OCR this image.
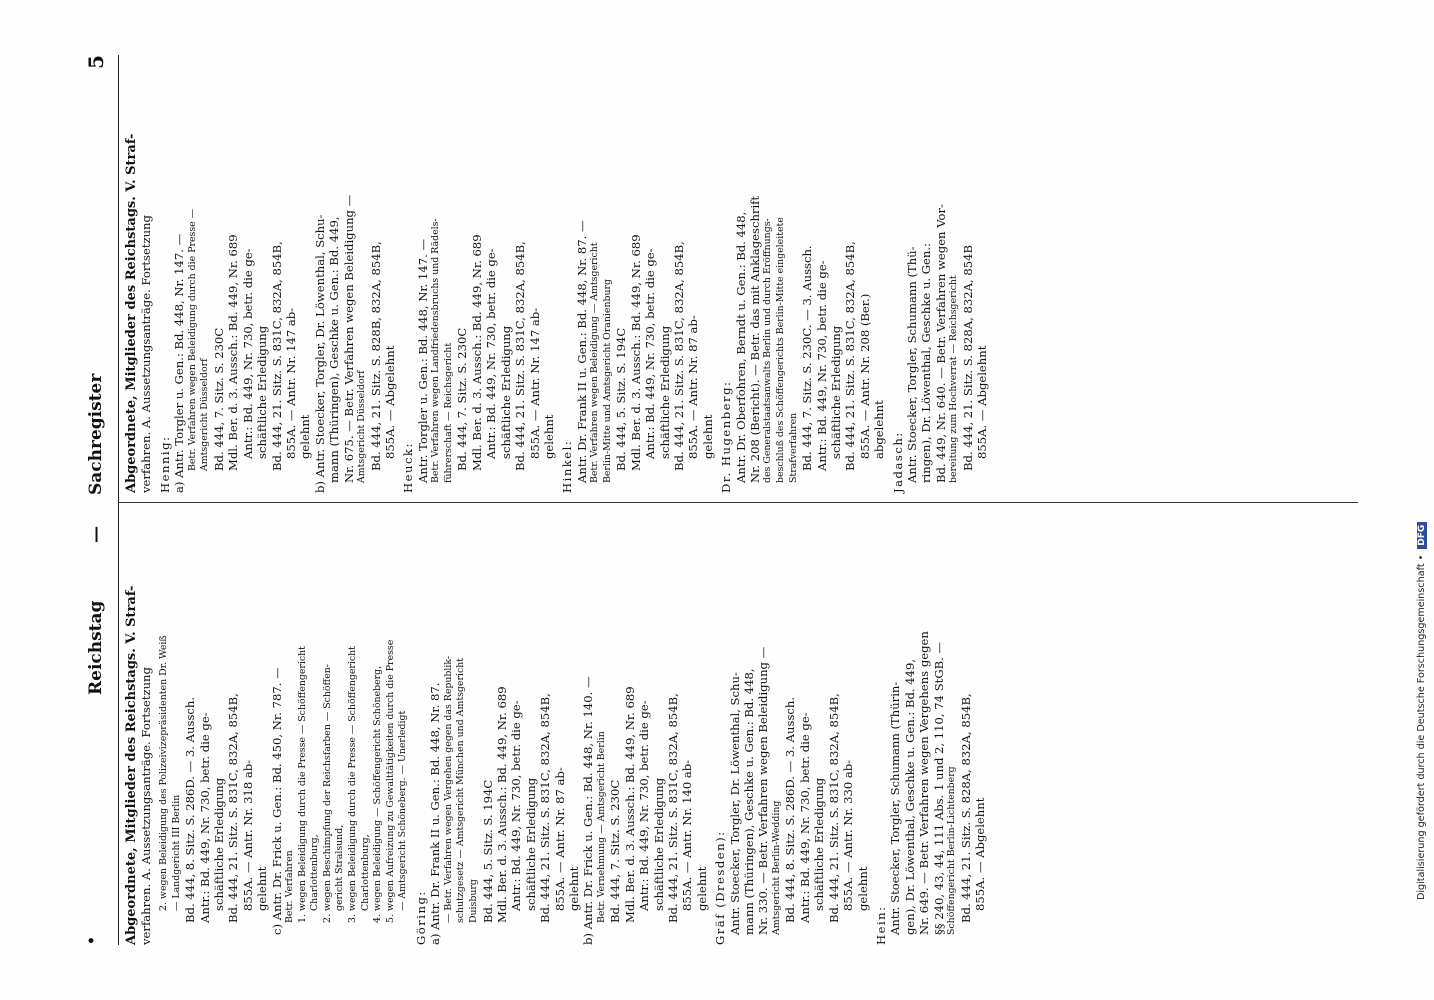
•
Reichstag
—
Sachregister
5
Abgeordnete, Mitglieder des Reichstags. V. Straf- verfahren. A. Aussetzungsanträge. Fortsetzung 2. wegen Beleidigung des Polizeivizepräsidenten Dr. Weiß — Landgericht III Berlin Bd. 444, 8. Sitz. S. 286D. — 3. Aussch. Antr.: Bd. 449, Nr. 730, betr. die ge- schäftliche Erledigung Bd. 444, 21. Sitz. S. 831C, 832A, 854B, 855A. — Antr. Nr. 318 ab- gelehnt c) Antr. Dr. Frick u. Gen.: Bd. 450, Nr. 787. — Betr. Verfahren 1. wegen Beleidigung durch die Presse — Schöffengericht Charlottenburg, 2. wegen Beschimpfung der Reichsfarben — Schöffen- gericht Stralsund, 3. wegen Beleidigung durch die Presse — Schöffengericht Charlottenburg, 4. wegen Beleidigung — Schöffengericht Schöneberg, 5. wegen Aufreizung zu Gewalttätigkeiten durch die Presse — Amtsgericht Schöneberg. — Unerledigt
Göring: a) Antr. Dr. Frank II u. Gen.: Bd. 448, Nr. 87. — Betr. Verfahren wegen Vergehen gegen das Republik- schutzgesetz — Amtsgericht München und Amtsgericht Duisburg Bd. 444, 5. Sitz. S. 194C Mdl. Ber. d. 3. Aussch.: Bd. 449, Nr. 689 Antr.: Bd. 449, Nr. 730, betr. die ge- schäftliche Erledigung Bd. 444, 21. Sitz. S. 831C, 832A, 854B, 855A. — Antr. Nr. 87 ab- gelehnt b) Antr. Dr. Frick u. Gen.: Bd. 448, Nr. 140. — Betr. Vernehmung — Amtsgericht Berlin Bd. 444, 7. Sitz. S. 230C Mdl. Ber. d. 3. Aussch.: Bd. 449, Nr. 689 Antr.: Bd. 449, Nr. 730, betr. die ge- schäftliche Erledigung Bd. 444, 21. Sitz. S. 831C, 832A, 854B, 855A. — Antr. Nr. 140 ab- gelehnt Gräf (Dresden): Antr. Stoecker, Torgler, Dr. Löwenthal, Schu- mann (Thüringen), Geschke u. Gen.: Bd. 448, Nr. 330. — Betr. Verfahren wegen Beleidigung — Amtsgericht Berlin-Wedding Bd. 444, 8. Sitz. S. 286D. — 3. Aussch. Antr.: Bd. 449, Nr. 730, betr. die ge- schäftliche Erledigung Bd. 444, 21. Sitz. S. 831C, 832A, 854B, 855A. — Antr. Nr. 330 ab- gelehnt
Hein: Antr. Stoecker, Torgler, Schumann (Thürin- gen), Dr. Löwenthal, Geschke u. Gen.: Bd. 449, Nr. 649. — Betr. Verfahren wegen Vergehens gegen §§ 240, 43, 44, 111 Abs. 1 und 2, 110, 74 StGB. — Schöffengericht Berlin-Lichtenberg Bd. 444, 21. Sitz. S. 828A, 832A, 854B, 855A. — Abgelehnt
Abgeordnete, Mitglieder des Reichstags. V. Straf- verfahren. A. Aussetzungsanträge. Fortsetzung Hennig: a) Antr. Torgler u. Gen.: Bd. 448, Nr. 147. — Betr. Verfahren wegen Beleidigung durch die Presse — Amtsgericht Düsseldorf Bd. 444, 7. Sitz. S. 230C Mdl. Ber. d. 3. Aussch.: Bd. 449, Nr. 689 Antr.: Bd. 449, Nr. 730, betr. die ge- schäftliche Erledigung Bd. 444, 21. Sitz. S. 831C, 832A, 854B, 855A. — Antr. Nr. 147 ab- gelehnt b) Antr. Stoecker, Torgler, Dr. Löwenthal, Schu- mann (Thüringen), Geschke u. Gen.: Bd. 449, Nr. 675. — Betr. Verfahren wegen Beleidigung — Amtsgericht Düsseldorf Bd. 444, 21. Sitz. S. 828B, 832A, 854B, 855A. — Abgelehnt
Heuck: Antr. Torgler u. Gen.: Bd. 448, Nr. 147. — Betr. Verfahren wegen Landfriedensbruchs und Rädels- führerschaft — Reichsgericht Bd. 444, 7. Sitz. S. 230C Mdl. Ber. d. 3. Aussch.: Bd. 449, Nr. 689 Antr.: Bd. 449, Nr. 730, betr. die ge- schäftliche Erledigung Bd. 444, 21. Sitz. S. 831C, 832A, 854B, 855A. — Antr. Nr. 147 ab- gelehnt
Hinkel: Antr. Dr. Frank II u. Gen.: Bd. 448, Nr. 87. — Betr. Verfahren wegen Beleidigung — Amtsgericht Berlin-Mitte und Amtsgericht Oranienburg Bd. 444, 5. Sitz. S. 194C Mdl. Ber. d. 3. Aussch.: Bd. 449, Nr. 689 Antr.: Bd. 449, Nr. 730, betr. die ge- schäftliche Erledigung Bd. 444, 21. Sitz. S. 831C, 832A, 854B, 855A. — Antr. Nr. 87 ab- gelehnt Dr. Hugenberg: Antr. Dr. Oberfohren, Berndt u. Gen.: Bd. 448, Nr. 208 (Bericht). — Betr. das mit Anklageschrift des Generalstaatsanwalts Berlin und durch Eröffnungs- beschluß des Schöffengerichts Berlin-Mitte eingeleitete Strafverfahren Bd. 444, 7. Sitz. S. 230C. — 3. Aussch. Antr.: Bd. 449, Nr. 730, betr. die ge- schäftliche Erledigung Bd. 444, 21. Sitz. S. 831C, 832A, 854B, 855A. — Antr. Nr. 208 (Ber.) abgelehnt
Jadasch: Antr. Stoecker, Torgler, Schumann (Thü- ringen), Dr. Löwenthal, Geschke u. Gen.: Bd. 449, Nr. 640. — Betr. Verfahren wegen Vor- bereitung zum Hochverrat — Reichsgericht Bd. 444, 21. Sitz. S. 828A, 832A, 854B 855A. — Abgelehnt
Digitalisierung gefördert durch die Deutsche Forschungsgemeinschaft •DFG
